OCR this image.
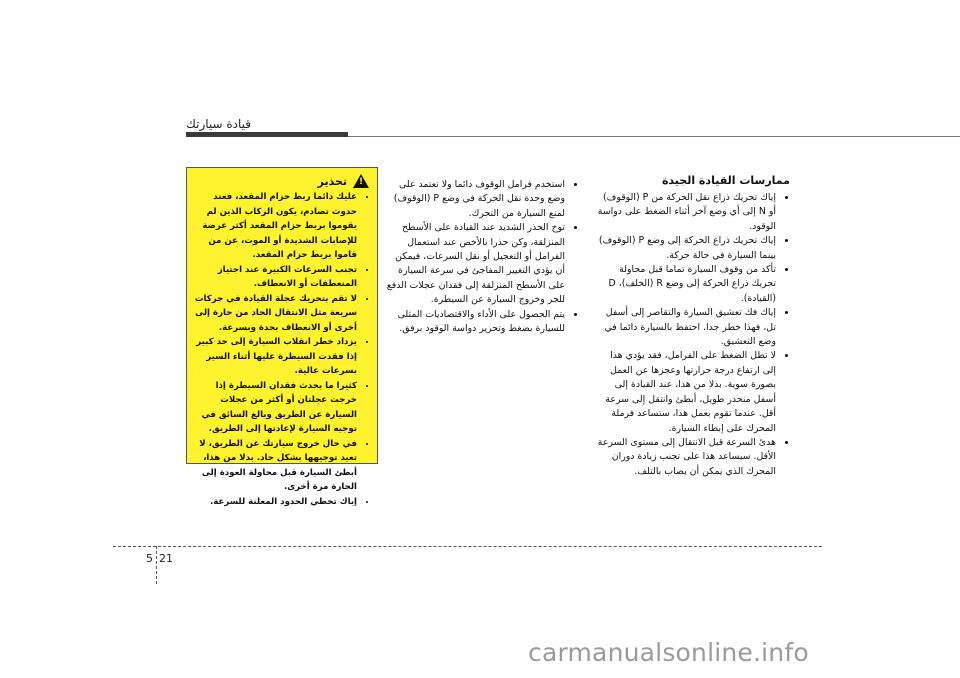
قيادة سيارتك
!
تحذير
• عليك دائما ربط حزام المقعد، فعند حدوث تصادم، يكون الركاب الذين لم يقوموا بربط حزام المقعد أكثر عرضة للإصابات الشديدة أو الموت، عن من قاموا بربط حزام المقعد.
• تجنب السرعات الكبيرة عند اجتياز المنعطفات أو الانعطاف.
• لا تقم بتحريك عجلة القيادة في حركات سريعة مثل الانتقال الحاد من حارة إلى أخرى أو الانعطاف بحدة وبسرعة.
• يزداد خطر انقلاب السيارة إلى حد كبير إذا فقدت السيطرة عليها أثناء السير بسرعات عالية.
• كثيرا ما يحدث فقدان السيطرة إذا خرجت عجلتان أو أكثر من عجلات السيارة عن الطريق وبالغ السائق في توجيه السيارة لإعادتها إلى الطريق.
• في حال خروج سيارتك عن الطريق، لا تعيد توجيهها بشكل حاد. بدلا من هذا، أبطئ السيارة قبل محاولة العودة إلى الحارة مرة أخرى.
• إياك تخطي الحدود المعلنة للسرعة.
• استخدم فرامل الوقوف دائما ولا تعتمد على وضع وحدة نقل الحركة في وضع P (الوقوف) لمنع السيارة من التحرك.
• توخ الحذر الشديد عند القيادة على الأسطح المنزلقة، وكن حذرا بالأخص عند استعمال الفرامل أو التعجيل أو نقل السرعات، فيمكن أن يؤدي التغيير المفاجئ في سرعة السيارة على الأسطح المنزلقة إلى فقدان عجلات الدفع للجر وخروج السيارة عن السيطرة.
• يتم الحصول على الأداء والاقتصاديات المثلى للسيارة بضغط وتحرير دواسة الوقود برفق.
ممارسات القيادة الجيدة
• إياك تحريك ذراع نقل الحركة من P (الوقوف) أو N إلى أي وضع آخر أثناء الضغط على دواسة الوقود.
• إياك تحريك ذراع الحركة إلى وضع P (الوقوف) بينما السيارة في حالة حركة.
• تأكد من وقوف السيارة تماما قبل محاولة تحريك ذراع الحركة إلى وضع R (الخلف)، D (القيادة).
• إياك فك تعشيق السيارة والتقاصر إلى أسفل تل، فهذا خطر جدا. احتفظ بالسيارة دائما في وضع التعشيق.
• لا تطل الضغط على الفرامل، فقد يؤدي هذا إلى ارتفاع درجة حرارتها وعجزها عن العمل بصورة سوية. بدلا من هذا، عند القيادة إلى أسفل منحدر طويل، أبطئ وانتقل إلى سرعة أقل. عندما تقوم بعمل هذا، ستساعد فرملة المحرك على إبطاء السيارة.
• هدئ السرعة قبل الانتقال إلى مستوى السرعة الأقل. سيساعد هذا على تجنب زيادة دوران المحرك الذي يمكن أن يصاب بالتلف.
5 21
carmanualsonline.info
